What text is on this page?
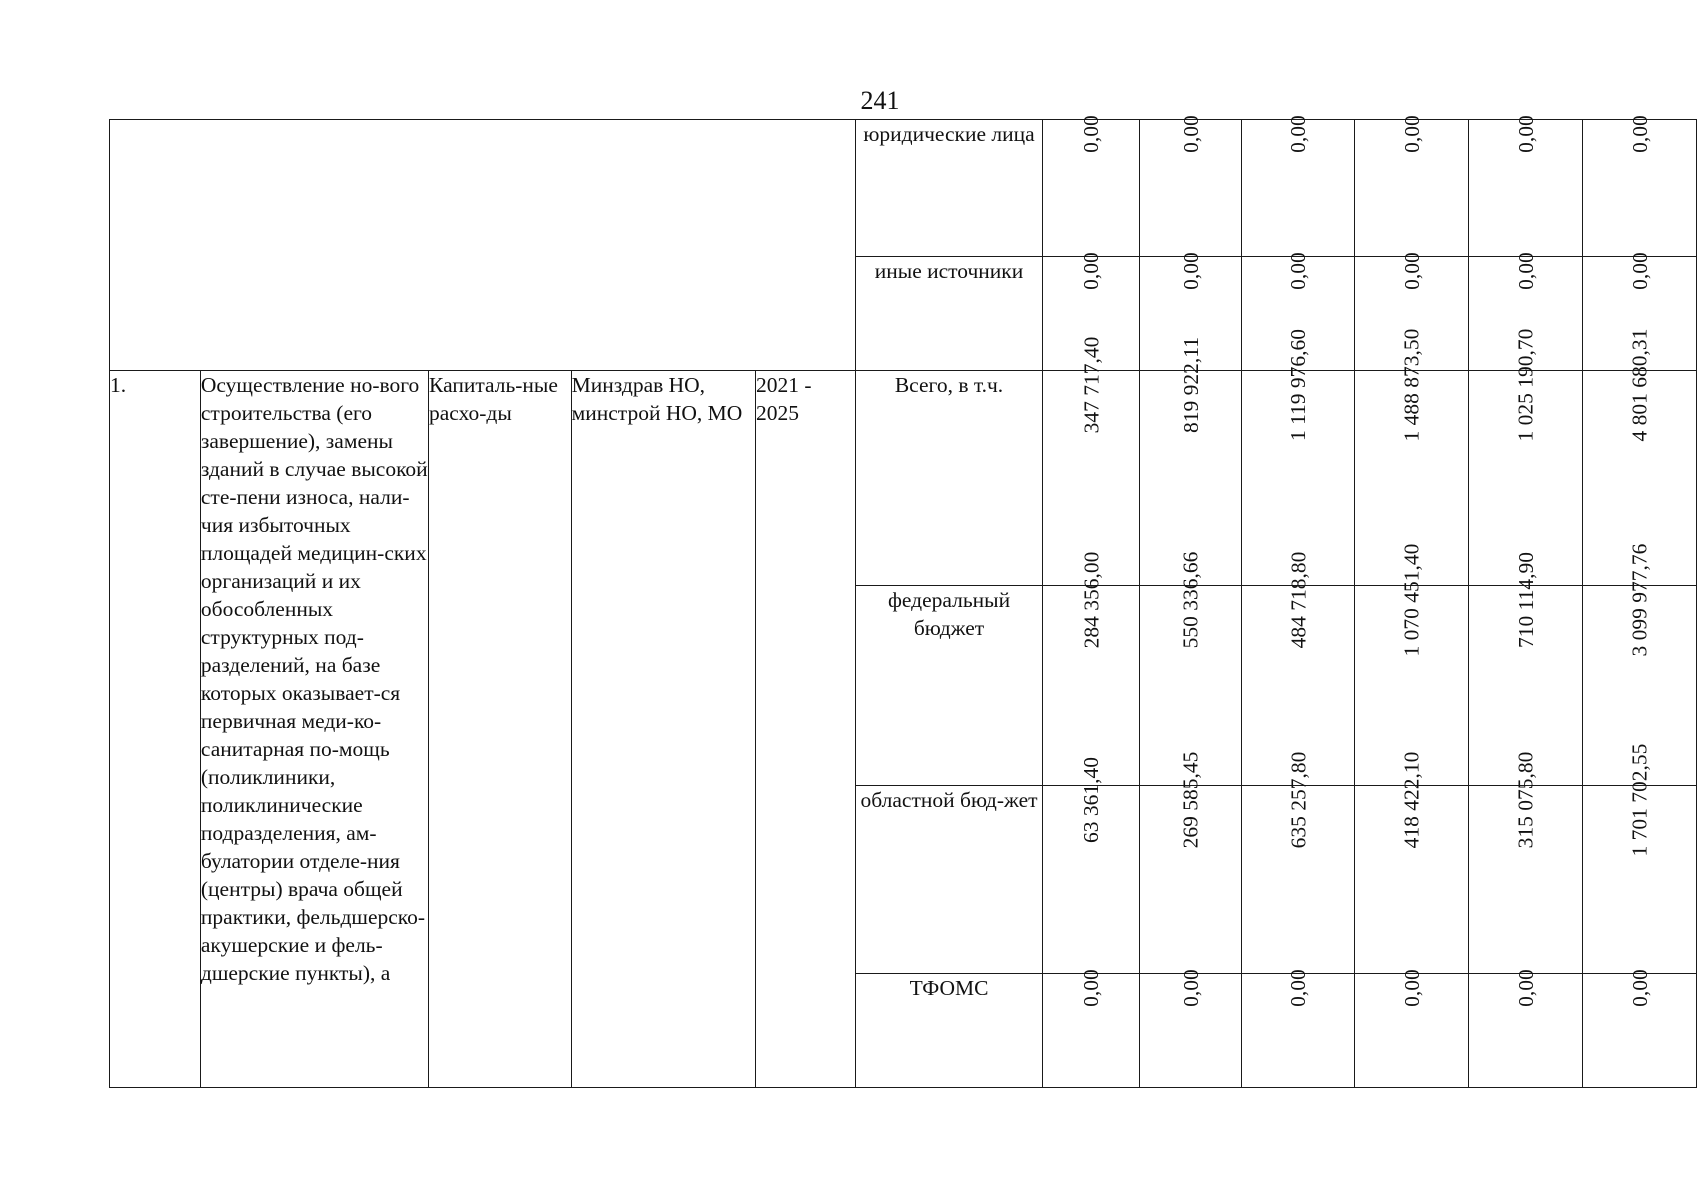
241
					юридические лица	0,00	0,00	0,00	0,00	0,00	0,00
					иные источники	0,00	0,00	0,00	0,00	0,00	0,00
1.	Осуществление но-вого строительства (его завершение), замены зданий в случае высокой сте-пени износа, нали-чия избыточных площадей медицин-ских организаций и их обособленных структурных под-разделений, на базе которых оказывает-ся первичная меди-ко-санитарная по-мощь (поликлиники, поликлинические подразделения, ам-булатории отделе-ния (центры) врача общей практики, фельдшерско-акушерские и фель-дшерские пункты), а	Капиталь-ные расхо-ды	Минздрав НО, минстрой НО, МО	2021 - 2025	Всего, в т.ч.	347 717,40	819 922,11	1 119 976,60	1 488 873,50	1 025 190,70	4 801 680,31
					федеральный бюджет	284 356,00	550 336,66	484 718,80	1 070 451,40	710 114,90	3 099 977,76
					областной бюд-жет	63 361,40	269 585,45	635 257,80	418 422,10	315 075,80	1 701 702,55
					ТФОМС	0,00	0,00	0,00	0,00	0,00	0,00
